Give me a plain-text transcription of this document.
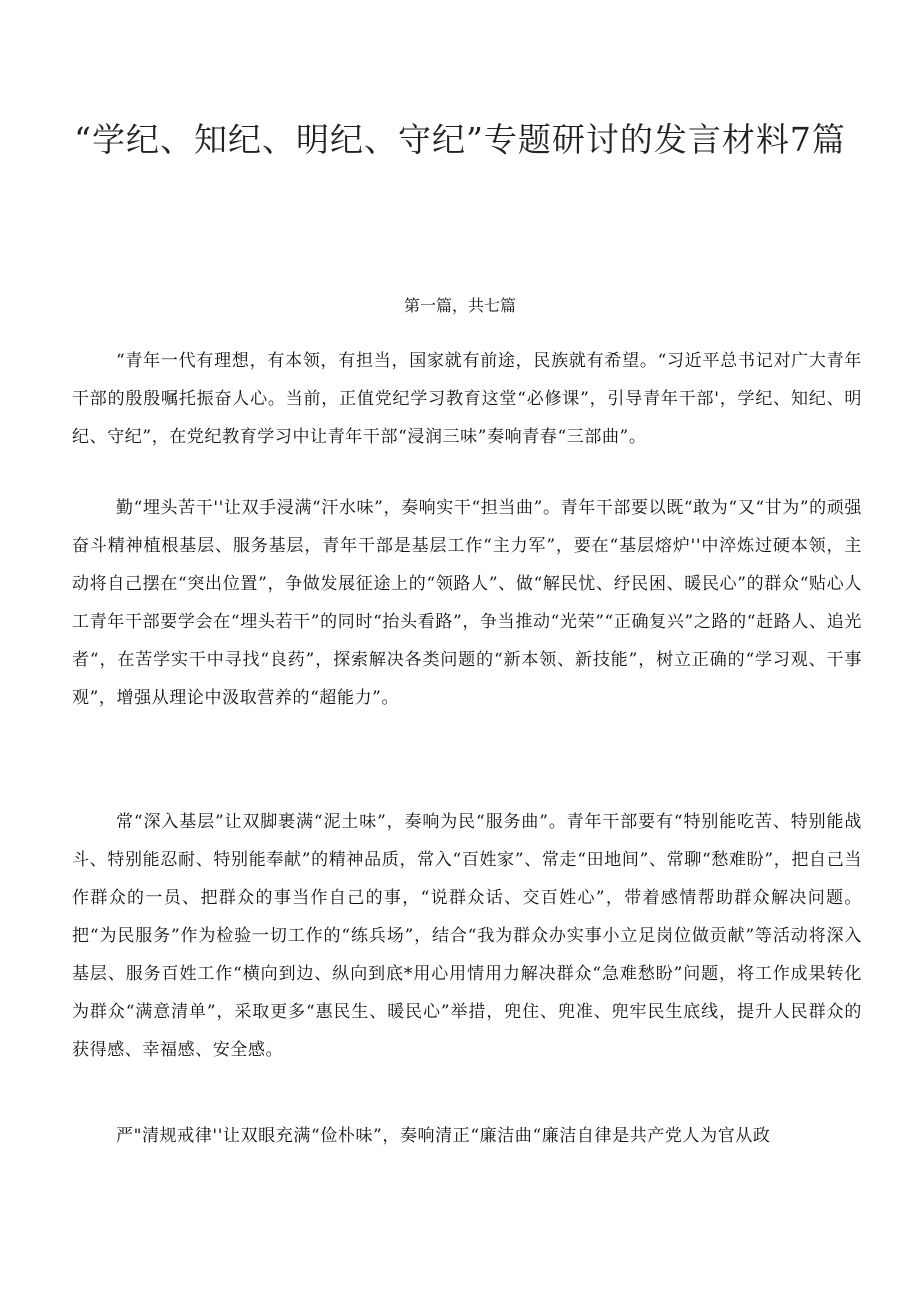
“学纪、知纪、明纪、守纪”专题研讨的发言材料7篇
第一篇，共七篇

“青年一代有理想，有本领，有担当，国家就有前途，民族就有希望。“习近平总书记对广大青年干部的殷殷嘱托振奋人心。当前，正值党纪学习教育这堂“必修课”，引导青年干部'，学纪、知纪、明纪、守纪”，在党纪教育学习中让青年干部“浸润三味”奏响青春“三部曲”。

勤“埋头苦干''让双手浸满“汗水味”，奏响实干“担当曲”。青年干部要以既“敢为“又“甘为”的顽强奋斗精神植根基层、服务基层，青年干部是基层工作“主力军”，要在“基层熔炉''中淬炼过硬本领，主动将自己摆在“突出位置”，争做发展征途上的“领路人”、做“解民忧、纾民困、暖民心”的群众“贴心人工青年干部要学会在“埋头若干”的同时“抬头看路”，争当推动“光荣”“正确复兴”之路的“赶路人、追光者“，在苦学实干中寻找“良药”，探索解决各类问题的“新本领、新技能”，树立正确的“学习观、干事观”，增强从理论中汲取营养的“超能力”。

常“深入基层”让双脚裹满“泥土味”，奏响为民“服务曲”。青年干部要有“特别能吃苦、特别能战斗、特别能忍耐、特别能奉献”的精神品质，常入“百姓家”、常走“田地间”、常聊“愁难盼”，把自己当作群众的一员、把群众的事当作自己的事，“说群众话、交百姓心”，带着感情帮助群众解决问题。把“为民服务”作为检验一切工作的“练兵场”，结合“我为群众办实事小立足岗位做贡献”等活动将深入基层、服务百姓工作“横向到边、纵向到底*用心用情用力解决群众“急难愁盼”问题，将工作成果转化为群众“满意清单”，采取更多“惠民生、暖民心”举措，兜住、兜准、兜牢民生底线，提升人民群众的获得感、幸福感、安全感。

严"清规戒律''让双眼充满“俭朴味”，奏响清正“廉洁曲“廉洁自律是共产党人为官从政
